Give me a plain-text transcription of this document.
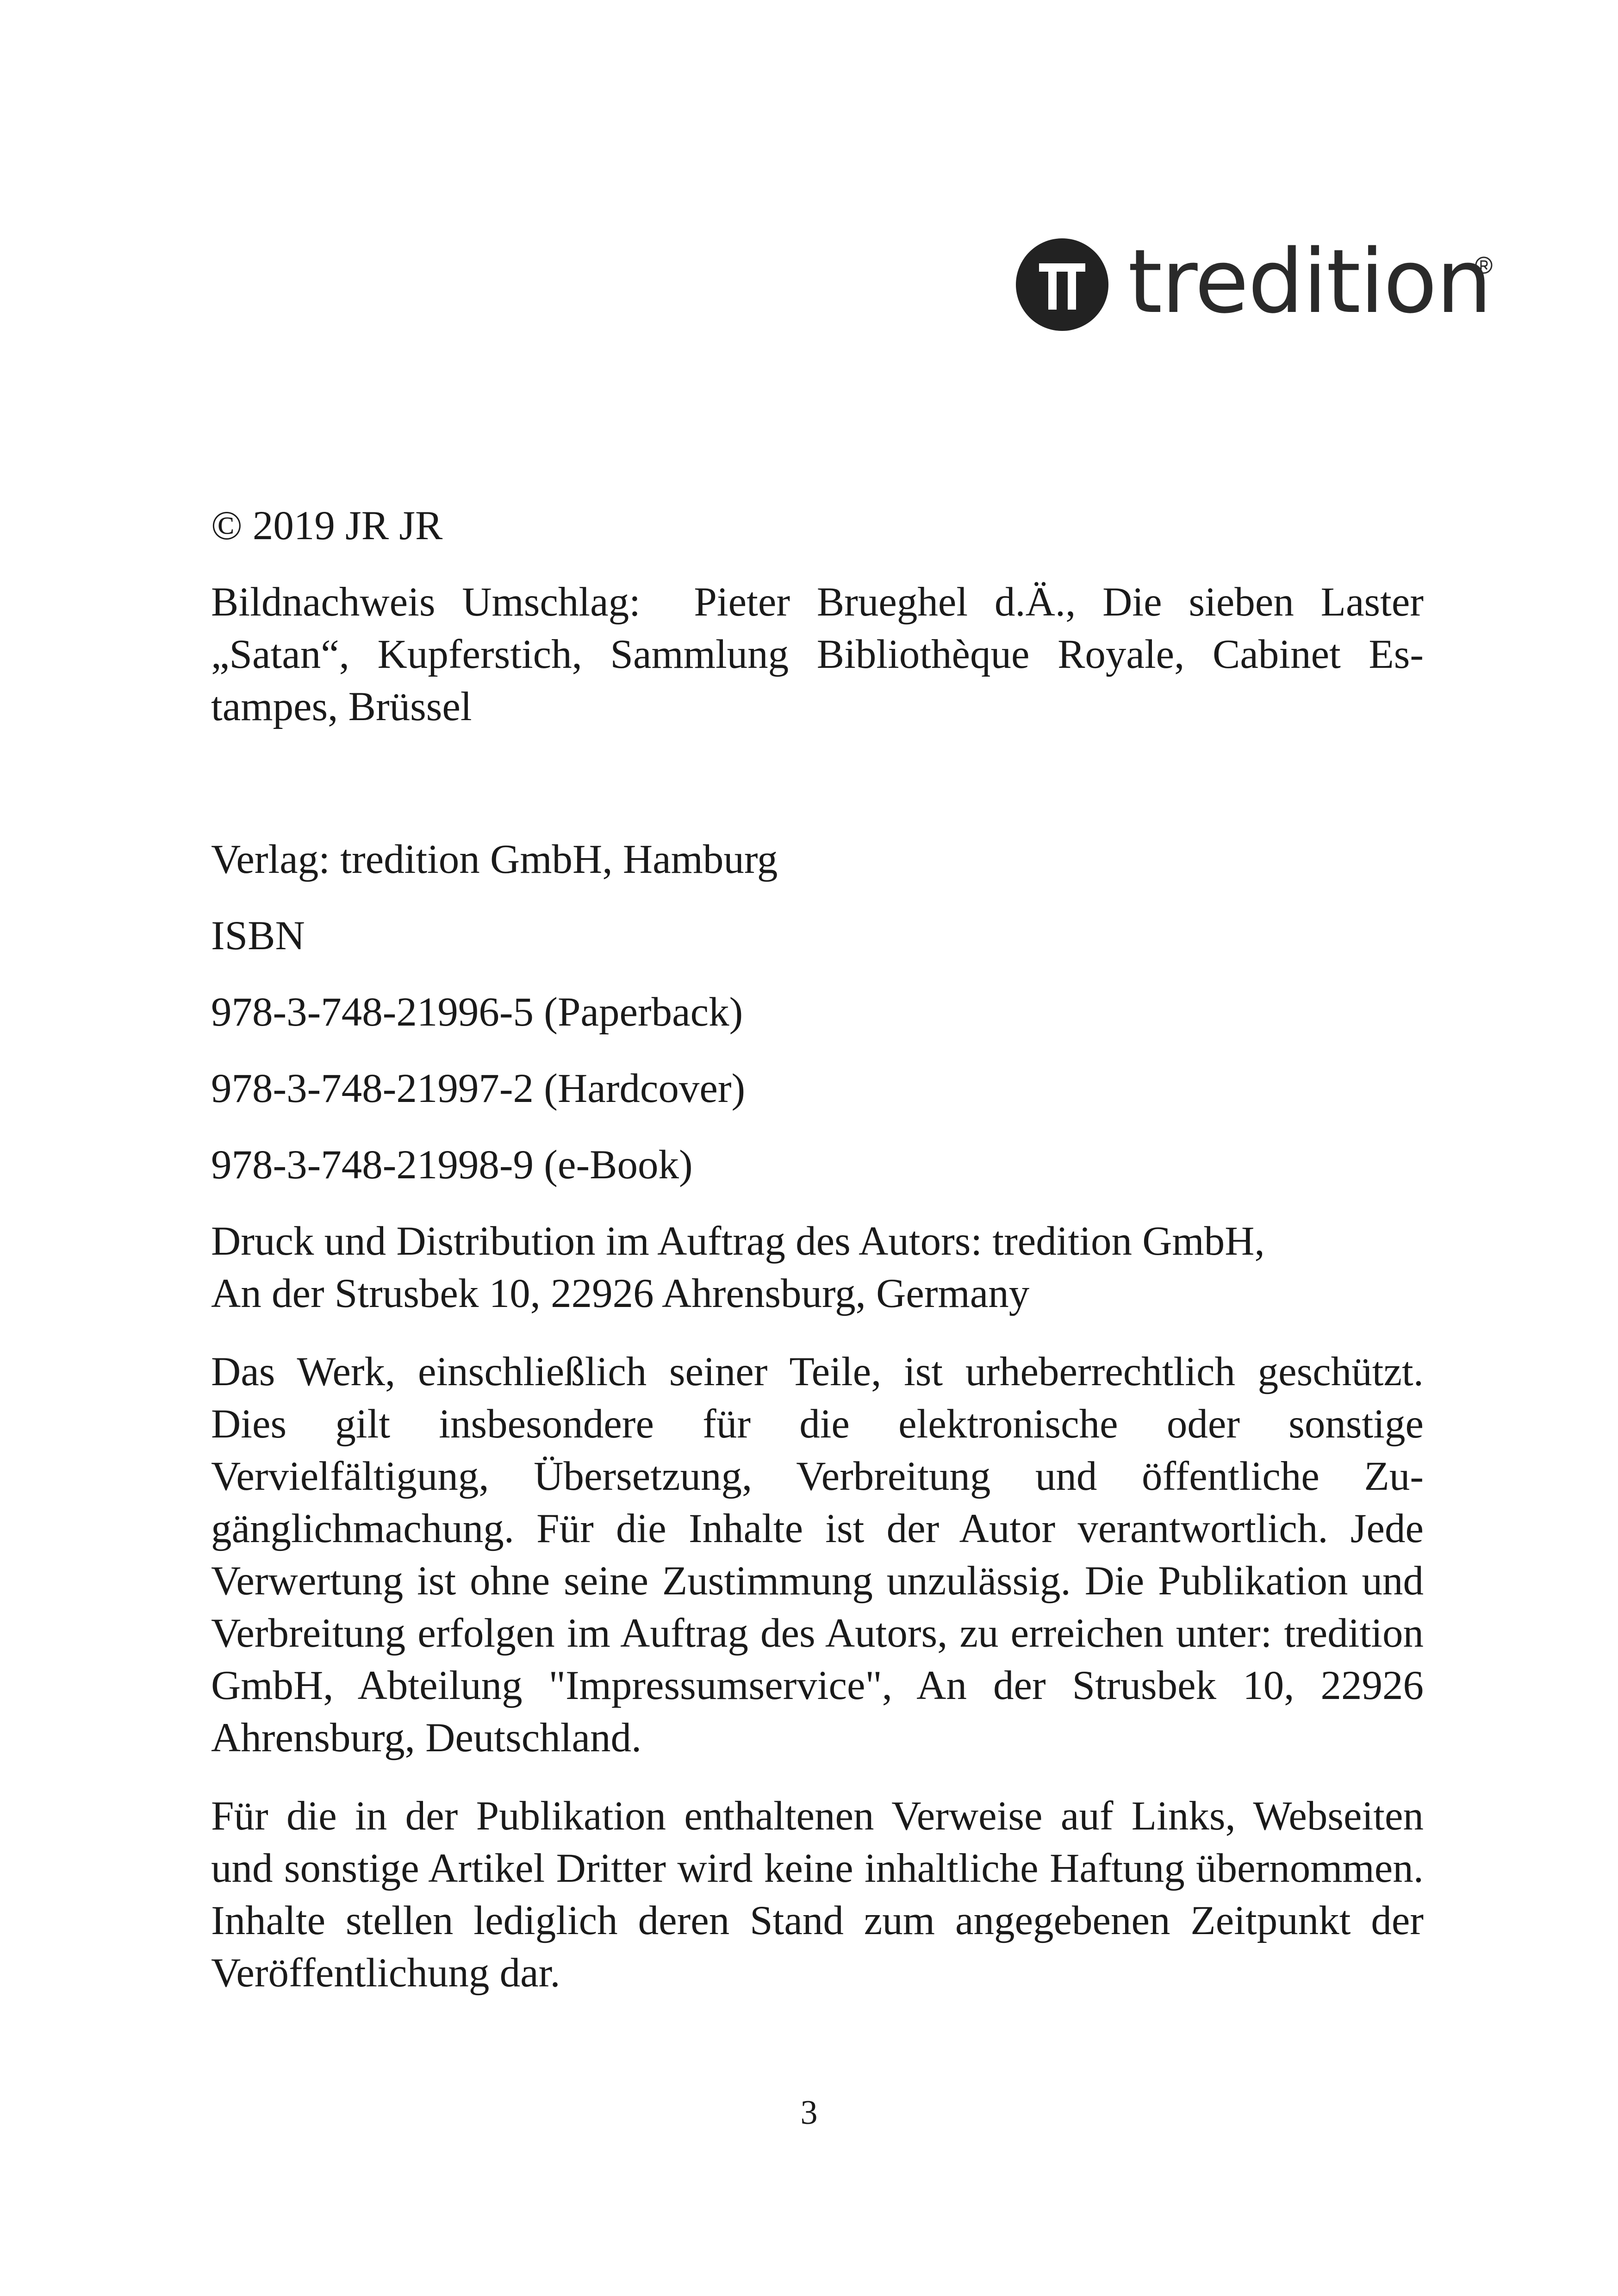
tredition

© 2019 JR JR

Bildnachweis Umschlag:  Pieter Brueghel d.Ä., Die sieben Laster „Satan“, Kupferstich, Sammlung Bibliothèque Royale, Cabinet Estampes, Brüssel

Verlag: tredition GmbH, Hamburg

ISBN

978-3-748-21996-5 (Paperback)

978-3-748-21997-2 (Hardcover)

978-3-748-21998-9 (e-Book)

Druck und Distribution im Auftrag des Autors: tredition GmbH,

An der Strusbek 10, 22926 Ahrensburg, Germany

Das Werk, einschließlich seiner Teile, ist urheberrechtlich geschützt. Dies gilt insbesondere für die elektronische oder sonstige Vervielfältigung, Übersetzung, Verbreitung und öffentliche Zugänglichmachung. Für die Inhalte ist der Autor verantwortlich. Jede Verwertung ist ohne seine Zustimmung unzulässig. Die Publikation und Verbreitung erfolgen im Auftrag des Autors, zu erreichen unter: tredition GmbH, Abteilung "Impressumservice", An der Strusbek 10, 22926 Ahrensburg, Deutschland.

Für die in der Publikation enthaltenen Verweise auf Links, Webseiten und sonstige Artikel Dritter wird keine inhaltliche Haftung übernommen. Inhalte stellen lediglich deren Stand zum angegebenen Zeitpunkt der Veröffentlichung dar.

3
